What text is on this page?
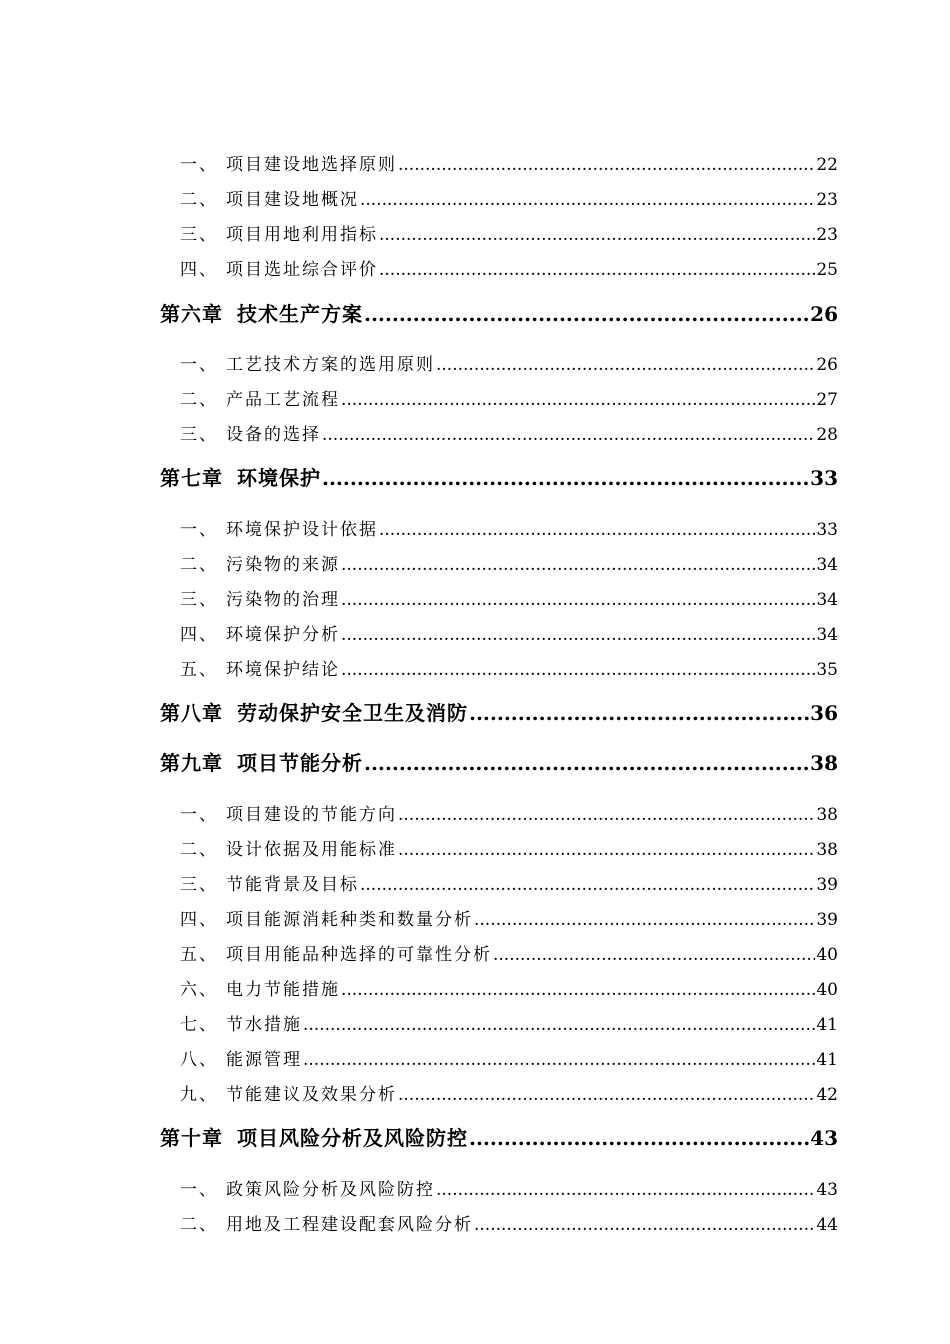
一、 项目建设地选择原则 .....	22
二、 项目建设地概况 .....	23
三、 项目用地利用指标 .....	23
四、 项目选址综合评价 .....	25
第六章 技术生产方案 .....	26
一、 工艺技术方案的选用原则 .....	26
二、 产品工艺流程 .....	27
三、 设备的选择 .....	28
第七章 环境保护 .....	33
一、 环境保护设计依据 .....	33
二、 污染物的来源 .....	34
三、 污染物的治理 .....	34
四、 环境保护分析 .....	34
五、 环境保护结论 .....	35
第八章 劳动保护安全卫生及消防 .....	36
第九章 项目节能分析 .....	38
一、 项目建设的节能方向 .....	38
二、 设计依据及用能标准 .....	38
三、 节能背景及目标 .....	39
四、 项目能源消耗种类和数量分析 .....	39
五、 项目用能品种选择的可靠性分析 .....	40
六、 电力节能措施 .....	40
七、 节水措施 .....	41
八、 能源管理 .....	41
九、 节能建议及效果分析 .....	42
第十章 项目风险分析及风险防控 .....	43
一、 政策风险分析及风险防控 .....	43
二、 用地及工程建设配套风险分析 .....	44
